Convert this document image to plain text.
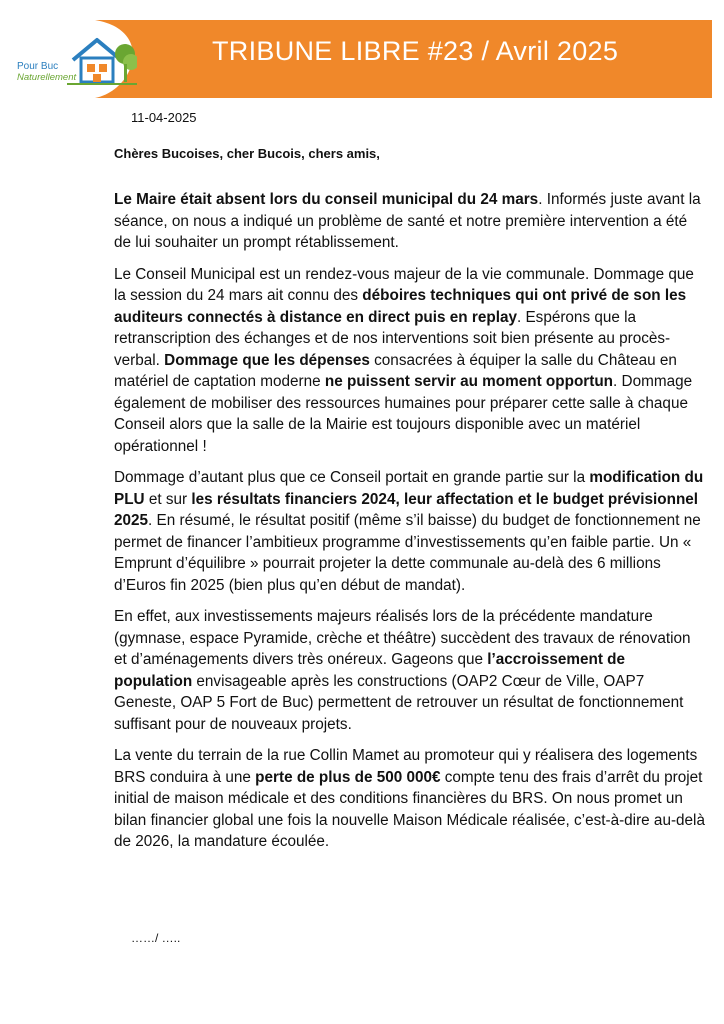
TRIBUNE LIBRE #23 / Avril 2025
Pour Buc
Naturellement
11-04-2025
Chères Bucoises, cher Bucois, chers amis,

Le Maire était absent lors du conseil municipal du 24 mars. Informés juste avant la séance, on nous a indiqué un problème de santé et notre première intervention a été de lui souhaiter un prompt rétablissement.

Le Conseil Municipal est un rendez-vous majeur de la vie communale. Dommage que la session du 24 mars ait connu des déboires techniques qui ont privé de son les auditeurs connectés à distance en direct puis en replay. Espérons que la retranscription des échanges et de nos interventions soit bien présente au procès-verbal. Dommage que les dépenses consacrées à équiper la salle du Château en matériel de captation moderne ne puissent servir au moment opportun. Dommage également de mobiliser des ressources humaines pour préparer cette salle à chaque Conseil alors que la salle de la Mairie est toujours disponible avec un matériel opérationnel !

Dommage d’autant plus que ce Conseil portait en grande partie sur la modification du PLU et sur les résultats financiers 2024, leur affectation et le budget prévisionnel 2025. En résumé, le résultat positif (même s’il baisse) du budget de fonctionnement ne permet de financer l’ambitieux programme d’investissements qu’en faible partie. Un « Emprunt d’équilibre » pourrait projeter la dette communale au-delà des 6 millions d’Euros fin 2025 (bien plus qu’en début de mandat).

En effet, aux investissements majeurs réalisés lors de la précédente mandature (gymnase, espace Pyramide, crèche et théâtre) succèdent des travaux de rénovation et d’aménagements divers très onéreux. Gageons que l’accroissement de population envisageable après les constructions (OAP2 Cœur de Ville, OAP7 Geneste, OAP 5 Fort de Buc) permettent de retrouver un résultat de fonctionnement suffisant pour de nouveaux projets.

La vente du terrain de la rue Collin Mamet au promoteur qui y réalisera des logements BRS conduira à une perte de plus de 500 000€ compte tenu des frais d’arrêt du projet initial de maison médicale et des conditions financières du BRS. On nous promet un bilan financier global une fois la nouvelle Maison Médicale réalisée, c’est-à-dire au-delà de 2026, la mandature écoulée.

……/ …..
